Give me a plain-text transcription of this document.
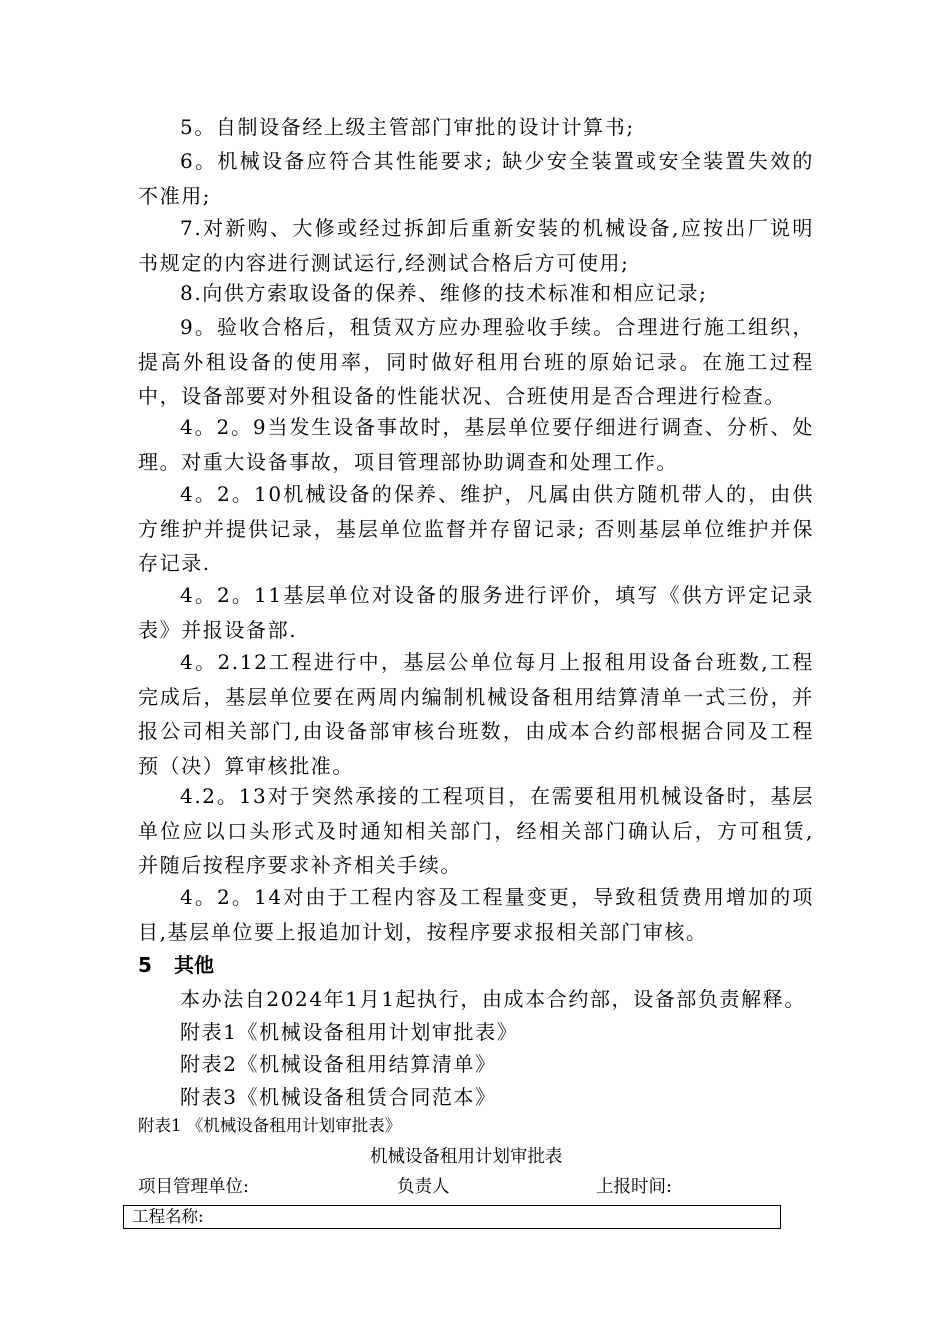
5。自制设备经上级主管部门审批的设计计算书;

6。机械设备应符合其性能要求; 缺少安全装置或安全装置失效的不准用;

7.对新购、大修或经过拆卸后重新安装的机械设备,应按出厂说明书规定的内容进行测试运行,经测试合格后方可使用;

8.向供方索取设备的保养、维修的技术标准和相应记录;

9。验收合格后，租赁双方应办理验收手续。合理进行施工组织，提高外租设备的使用率，同时做好租用台班的原始记录。在施工过程中，设备部要对外租设备的性能状况、合班使用是否合理进行检查。

4。2。9当发生设备事故时，基层单位要仔细进行调查、分析、处理。对重大设备事故，项目管理部协助调查和处理工作。

4。2。10机械设备的保养、维护，凡属由供方随机带人的，由供方维护并提供记录，基层单位监督并存留记录; 否则基层单位维护并保存记录.

4。2。11基层单位对设备的服务进行评价，填写《供方评定记录表》并报设备部.

4。2.12工程进行中，基层公单位每月上报租用设备台班数,工程完成后，基层单位要在两周内编制机械设备租用结算清单一式三份，并报公司相关部门,由设备部审核台班数，由成本合约部根据合同及工程预（决）算审核批准。

4.2。13对于突然承接的工程项目，在需要租用机械设备时，基层单位应以口头形式及时通知相关部门，经相关部门确认后，方可租赁,并随后按程序要求补齐相关手续。

4。2。14对由于工程内容及工程量变更，导致租赁费用增加的项目,基层单位要上报追加计划，按程序要求报相关部门审核。

5 其他

本办法自2024年1月1起执行，由成本合约部，设备部负责解释。

附表1《机械设备租用计划审批表》

附表2《机械设备租用结算清单》

附表3《机械设备租赁合同范本》

附表1 《机械设备租用计划审批表》

机械设备租用计划审批表

项目管理单位:	负责人	上报时间:

工程名称:
